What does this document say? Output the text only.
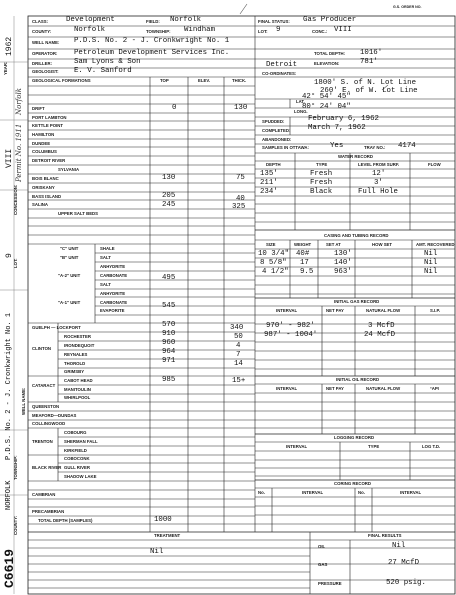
YEAR:
1962
Norfolk
CONCESSION:
VIII Permit No. 1911
LOT:
9
WELL NAME:
P.D.S. No. 2 - J. Cronkwright No. 1
TOWNSHIP:
NORFOLK
COUNTY:
C6619
G.S. ORDER NO.
CLASS: Development	FIELD: Norfolk	FINAL STATUS: Gas Producer
COUNTY:	Norfolk	TOWNSHIP: Windham	LOT: 9	CONC.: VIII
WELL NAME: P.D.S. No. 2 - J. Cronkwright No. 1
OPERATOR: Petroleum Development Services Inc.	TOTAL DEPTH: 1016'
DRILLER:	Sam Lyons & Son	ELEVATION:	781'
Detroit
GEOLOGIST: E. V. Sanford
GEOLOGICAL FORMATIONS	TOP	ELEV.	THICK.
DRIFT
PORT LAMBTON
KETTLE POINT
HAMILTON
DUNDEE
COLUMBUS
DETROIT RIVER
SYLVANIA
BOIS BLANC
ORISKANY
BASS ISLAND
SALINA
UPPER SALT BEDS
"C" UNIT
"B" UNIT
"A-2" UNIT
"A-1" UNIT
SHALE
SALT
ANHYDRITE
CARBONATE
SALT
ANHYDRITE
CARBONATE
EVAPORITE
GUELPH — LOCKPORT
CLINTON
ROCHESTER
IRONDEQUOIT
REYNALES
THOROLD
GRIMSBY
CATARACT
CABOT HEAD
MANITOULIN
WHIRLPOOL
QUEENSTON
MEAFORD—DUNDAS
COLLINGWOOD
TRENTON
COBOURG
SHERMAN FALL
KIRKFIELD
BLACK RIVER
COBOCONK
GULL RIVER
SHADOW LAKE
CAMBRIAN
PRECAMBRIAN
TOTAL DEPTH (SAMPLES)
0	130
130	75
205	40
245	325
495
545
570	340
910	50
960	4
964	7
971	14
985	15+
1000
CO-ORDINATES:
1800' S. of N. Lot Line
260' E. of W. Lot Line
LAT.
42° 54' 45"
LONG.
80° 24' 04"
SPUDDED:	February 6, 1962
COMPLETED: March 7, 1962
ABANDONED:
SAMPLES IN OTTAWA:	Yes	TRAY NO.: 4174
WATER RECORD
DEPTH	TYPE	LEVEL FROM SURF.	FLOW
135'	Fresh	12'
211'	Fresh	3'
234'	Black	Full Hole
CASING AND TUBING RECORD
SIZE	WEIGHT	SET AT	HOW SET	AMT. RECOVERED
10 3/4" 40#	130'	Nil
8 5/8" 17	140'	Nil
4 1/2" 9.5	963'	Nil
INITIAL GAS RECORD
INTERVAL	NET PAY	NATURAL FLOW	S.I.P.
970' - 982'	3 McfD
987' - 1004'	24 McfD
INITIAL OIL RECORD
INTERVAL	NET PAY	NATURAL FLOW	°API
LOGGING RECORD
INTERVAL	TYPE	LOG T.D.
CORING RECORD
No.	INTERVAL	No.	INTERVAL
TREATMENT
Nil
FINAL RESULTS
OIL	Nil
GAS	27 McfD
PRESSURE	520 psig.
